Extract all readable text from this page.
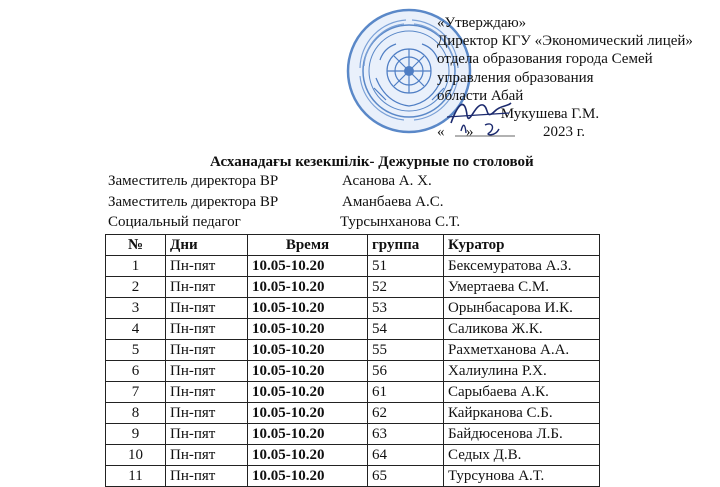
«Утверждаю»
Директор КГУ «Экономический лицей»
отдела образования города Семей
управления образования
области Абай
Мукушева Г.М.
« »	2023 г.
Асханадағы кезекшілік- Дежурные по столовой
Заместитель директора ВР	Асанова А. Х.
Заместитель директора ВР	Аманбаева А.С.
Социальный педагог	Турсынханова С.Т.
№	Дни	Время	группа	Куратор
1	Пн-пят	10.05-10.20	51	Бексемуратова А.З.
2	Пн-пят	10.05-10.20	52	Умертаева С.М.
3	Пн-пят	10.05-10.20	53	Орынбасарова И.К.
4	Пн-пят	10.05-10.20	54	Саликова Ж.К.
5	Пн-пят	10.05-10.20	55	Рахметханова А.А.
6	Пн-пят	10.05-10.20	56	Халиулина Р.Х.
7	Пн-пят	10.05-10.20	61	Сарыбаева А.К.
8	Пн-пят	10.05-10.20	62	Кайрканова С.Б.
9	Пн-пят	10.05-10.20	63	Байдюсенова Л.Б.
10	Пн-пят	10.05-10.20	64	Седых Д.В.
11	Пн-пят	10.05-10.20	65	Турсунова А.Т.
